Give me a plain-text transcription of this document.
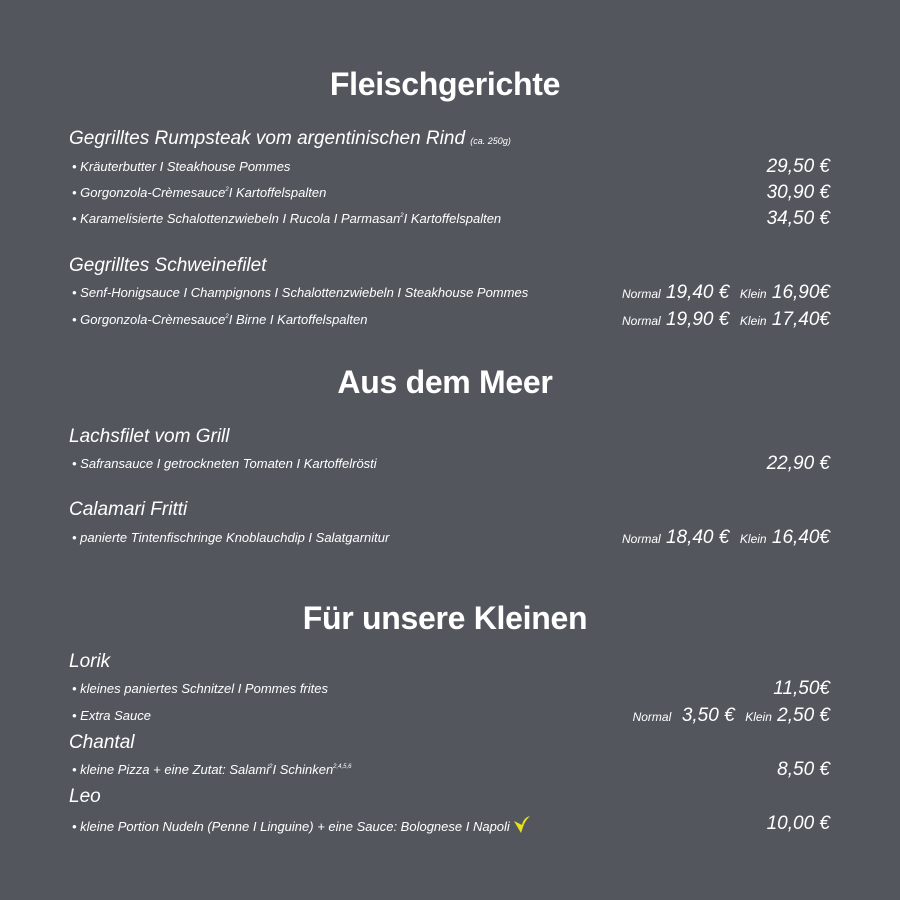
Fleischgerichte
Gegrilltes Rumpsteak vom argentinischen Rind (ca. 250g)
• Kräuterbutter I Steakhouse Pommes	29,50 €
• Gorgonzola-Crèmesauce$^2$I Kartoffelspalten	30,90 €
• Karamelisierte Schalottenzwiebeln I Rucola I Parmasan$^2$I Kartoffelspalten	34,50 €
Gegrilltes Schweinefilet
• Senf-Honigsauce I Champignons I Schalottenzwiebeln I Steakhouse Pommes	Normal 19,40 € Klein 16,90€
• Gorgonzola-Crèmesauce$^2$I Birne I Kartoffelspalten	Normal 19,90 € Klein 17,40€
Aus dem Meer
Lachsfilet vom Grill
• Safransauce I getrockneten Tomaten I Kartoffelrösti	22,90 €
Calamari Fritti
• panierte Tintenfischringe Knoblauchdip I Salatgarnitur	Normal 18,40 € Klein 16,40€
Für unsere Kleinen
Lorik
• kleines paniertes Schnitzel I Pommes frites	11,50€
• Extra Sauce	Normal 3,50 € Klein 2,50 €
Chantal
• kleine Pizza + eine Zutat: Salami$^2$I Schinken$^{2,4,5,6}$	8,50 €
Leo
• kleine Portion Nudeln (Penne I Linguine) + eine Sauce: Bolognese I Napoli	10,00 €
